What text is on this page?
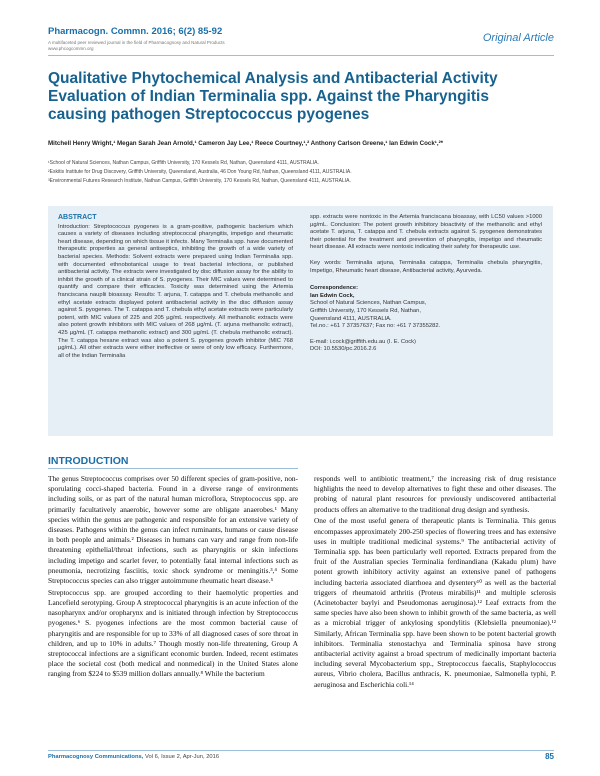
Pharmacogn. Commn. 2016; 6(2) 85-92
A multifaceted peer reviewed journal in the field of Pharmacognosy and Natural Products
www.phcogcommn.org
Original Article
Qualitative Phytochemical Analysis and Antibacterial Activity Evaluation of Indian Terminalia spp. Against the Pharyngitis causing pathogen Streptococcus pyogenes
Mitchell Henry Wright,¹ Megan Sarah Jean Arnold,¹ Cameron Jay Lee,¹ Reece Courtney,¹,² Anthony Carlson Greene,¹ Ian Edwin Cock¹,²*
¹School of Natural Sciences, Nathan Campus, Griffith University, 170 Kessels Rd, Nathan, Queensland 4111, AUSTRALIA.
²Eskitis Institute for Drug Discovery, Griffith University, Queensland, Australia, 46 Don Young Rd, Nathan, Queensland 4111, AUSTRALIA.
³Environmental Futures Research Institute, Nathan Campus, Griffith University, 170 Kessels Rd, Nathan, Queensland 4111, AUSTRALIA.
ABSTRACT
Introduction: Streptococcus pyogenes is a gram-positive, pathogenic bacterium which causes a variety of diseases including streptococcal pharyngitis, impetigo and rheumatic heart disease, depending on which tissue it infects. Many Terminalia spp. have documented therapeutic properties as general antiseptics, inhibiting the growth of a wide variety of bacterial species. Methods: Solvent extracts were prepared using Indian Terminalia spp. with documented ethnobotanical usage to treat bacterial infections, or published antibacterial activity. The extracts were investigated by disc diffusion assay for the ability to inhibit the growth of a clinical strain of S. pyogenes. Their MIC values were determined to quantify and compare their efficacies. Toxicity was determined using the Artemia franciscana nauplii bioassay. Results: T. arjuna, T. catappa and T. chebula methanolic and ethyl acetate extracts displayed potent antibacterial activity in the disc diffusion assay against S. pyogenes. The T. catappa and T. chebula ethyl acetate extracts were particularly potent, with MIC values of 225 and 205 µg/mL respectively. All methanolic extracts were also potent growth inhibitors with MIC values of 268 µg/mL (T. arjuna methanolic extract), 425 µg/mL (T. catappa methanolic extract) and 300 µg/mL (T. chebula methanolic extract). The T. catappa hexane extract was also a potent S. pyogenes growth inhibitor (MIC 768 µg/mL). All other extracts were either ineffective or were of only low efficacy. Furthermore, all of the Indian Terminalia
spp. extracts were nontoxic in the Artemia franciscana bioassay, with LC50 values >1000 µg/mL. Conclusion: The potent growth inhibitory bioactivity of the methanolic and ethyl acetate T. arjuna, T. catappa and T. chebula extracts against S. pyogenes demonstrates their potential for the treatment and prevention of pharyngitis, impetigo and rheumatic heart disease. All extracts were nontoxic indicating their safety for therapeutic use.
Key words: Terminalia arjuna, Terminalia catappa, Terminalia chebula pharyngitis, Impetigo, Rheumatic heart disease, Antibacterial activity, Ayurveda.
Correspondence:
Ian Edwin Cock,
School of Natural Sciences, Nathan Campus,
Griffith University, 170 Kessels Rd, Nathan,
Queensland 4111, AUSTRALIA.
Tel.no.: +61 7 37357637; Fax no: +61 7 37355282.
E-mail: i.cock@griffith.edu.au (I. E. Cock)
DOI: 10.5530/pc.2016.2.6
INTRODUCTION

The genus Streptococcus comprises over 50 different species of gram-positive, non-sporulating cocci-shaped bacteria. Found in a diverse range of environments including soils, or as part of the natural human microflora, Streptococcus spp. are primarily facultatively anaerobic, however some are obligate anaerobes.¹ Many species within the genus are pathogenic and responsible for an extensive variety of diseases. Pathogens within the genus can infect ruminants, humans or cause disease in both people and animals.² Diseases in humans can vary and range from non-life threatening epithelial/throat infections, such as pharyngitis or skin infections including impetigo and scarlet fever, to potentially fatal internal infections such as pneumonia, necrotizing fasciitis, toxic shock syndrome or meningitis.³,⁴ Some Streptococcus species can also trigger autoimmune rheumatic heart disease.⁵

Streptococcus spp. are grouped according to their haemolytic properties and Lancefield serotyping. Group A streptococcal pharyngitis is an acute infection of the nasopharynx and/or oropharynx and is initiated through infection by Streptococcus pyogenes.⁶ S. pyogenes infections are the most common bacterial cause of pharyngitis and are responsible for up to 33% of all diagnosed cases of sore throat in children, and up to 10% in adults.⁷ Though mostly non-life threatening, Group A streptococcal infections are a significant economic burden. Indeed, recent estimates place the societal cost (both medical and nonmedical) in the United States alone ranging from $224 to $539 million dollars annually.⁸ While the bacterium

responds well to antibiotic treatment,⁷ the increasing risk of drug resistance highlights the need to develop alternatives to fight these and other diseases. The probing of natural plant resources for previously undiscovered antibacterial products offers an alternative to the traditional drug design and synthesis.

One of the most useful genera of therapeutic plants is Terminalia. This genus encompasses approximately 200-250 species of flowering trees and has extensive uses in multiple traditional medicinal systems.⁹ The antibacterial activity of Terminalia spp. has been particularly well reported. Extracts prepared from the fruit of the Australian species Terminalia ferdinandiana (Kakadu plum) have potent growth inhibitory activity against an extensive panel of pathogens including bacteria associated diarrhoea and dysentery¹⁰ as well as the bacterial triggers of rheumatoid arthritis (Proteus mirabilis)¹¹ and multiple sclerosis (Acinetobacter baylyi and Pseudomonas aeruginosa).¹² Leaf extracts from the same species have also been shown to inhibit growth of the same bacteria, as well as a microbial trigger of ankylosing spondylitis (Klebsiella pneumoniae).¹² Similarly, African Terminalia spp. have been shown to be potent bacterial growth inhibitors. Terminalia stenostachya and Terminalia spinosa have strong antibacterial activity against a broad spectrum of medicinally important bacteria including several Mycobacterium spp., Streptococcus faecalis, Staphylococcus aureus, Vibrio cholera, Bacillus anthracis, K. pneumoniae, Salmonella typhi, P. aeruginosa and Escherichia coli.¹⁴

Pharmacognosy Communications, Vol 6, Issue 2, Apr-Jun, 2016	85
